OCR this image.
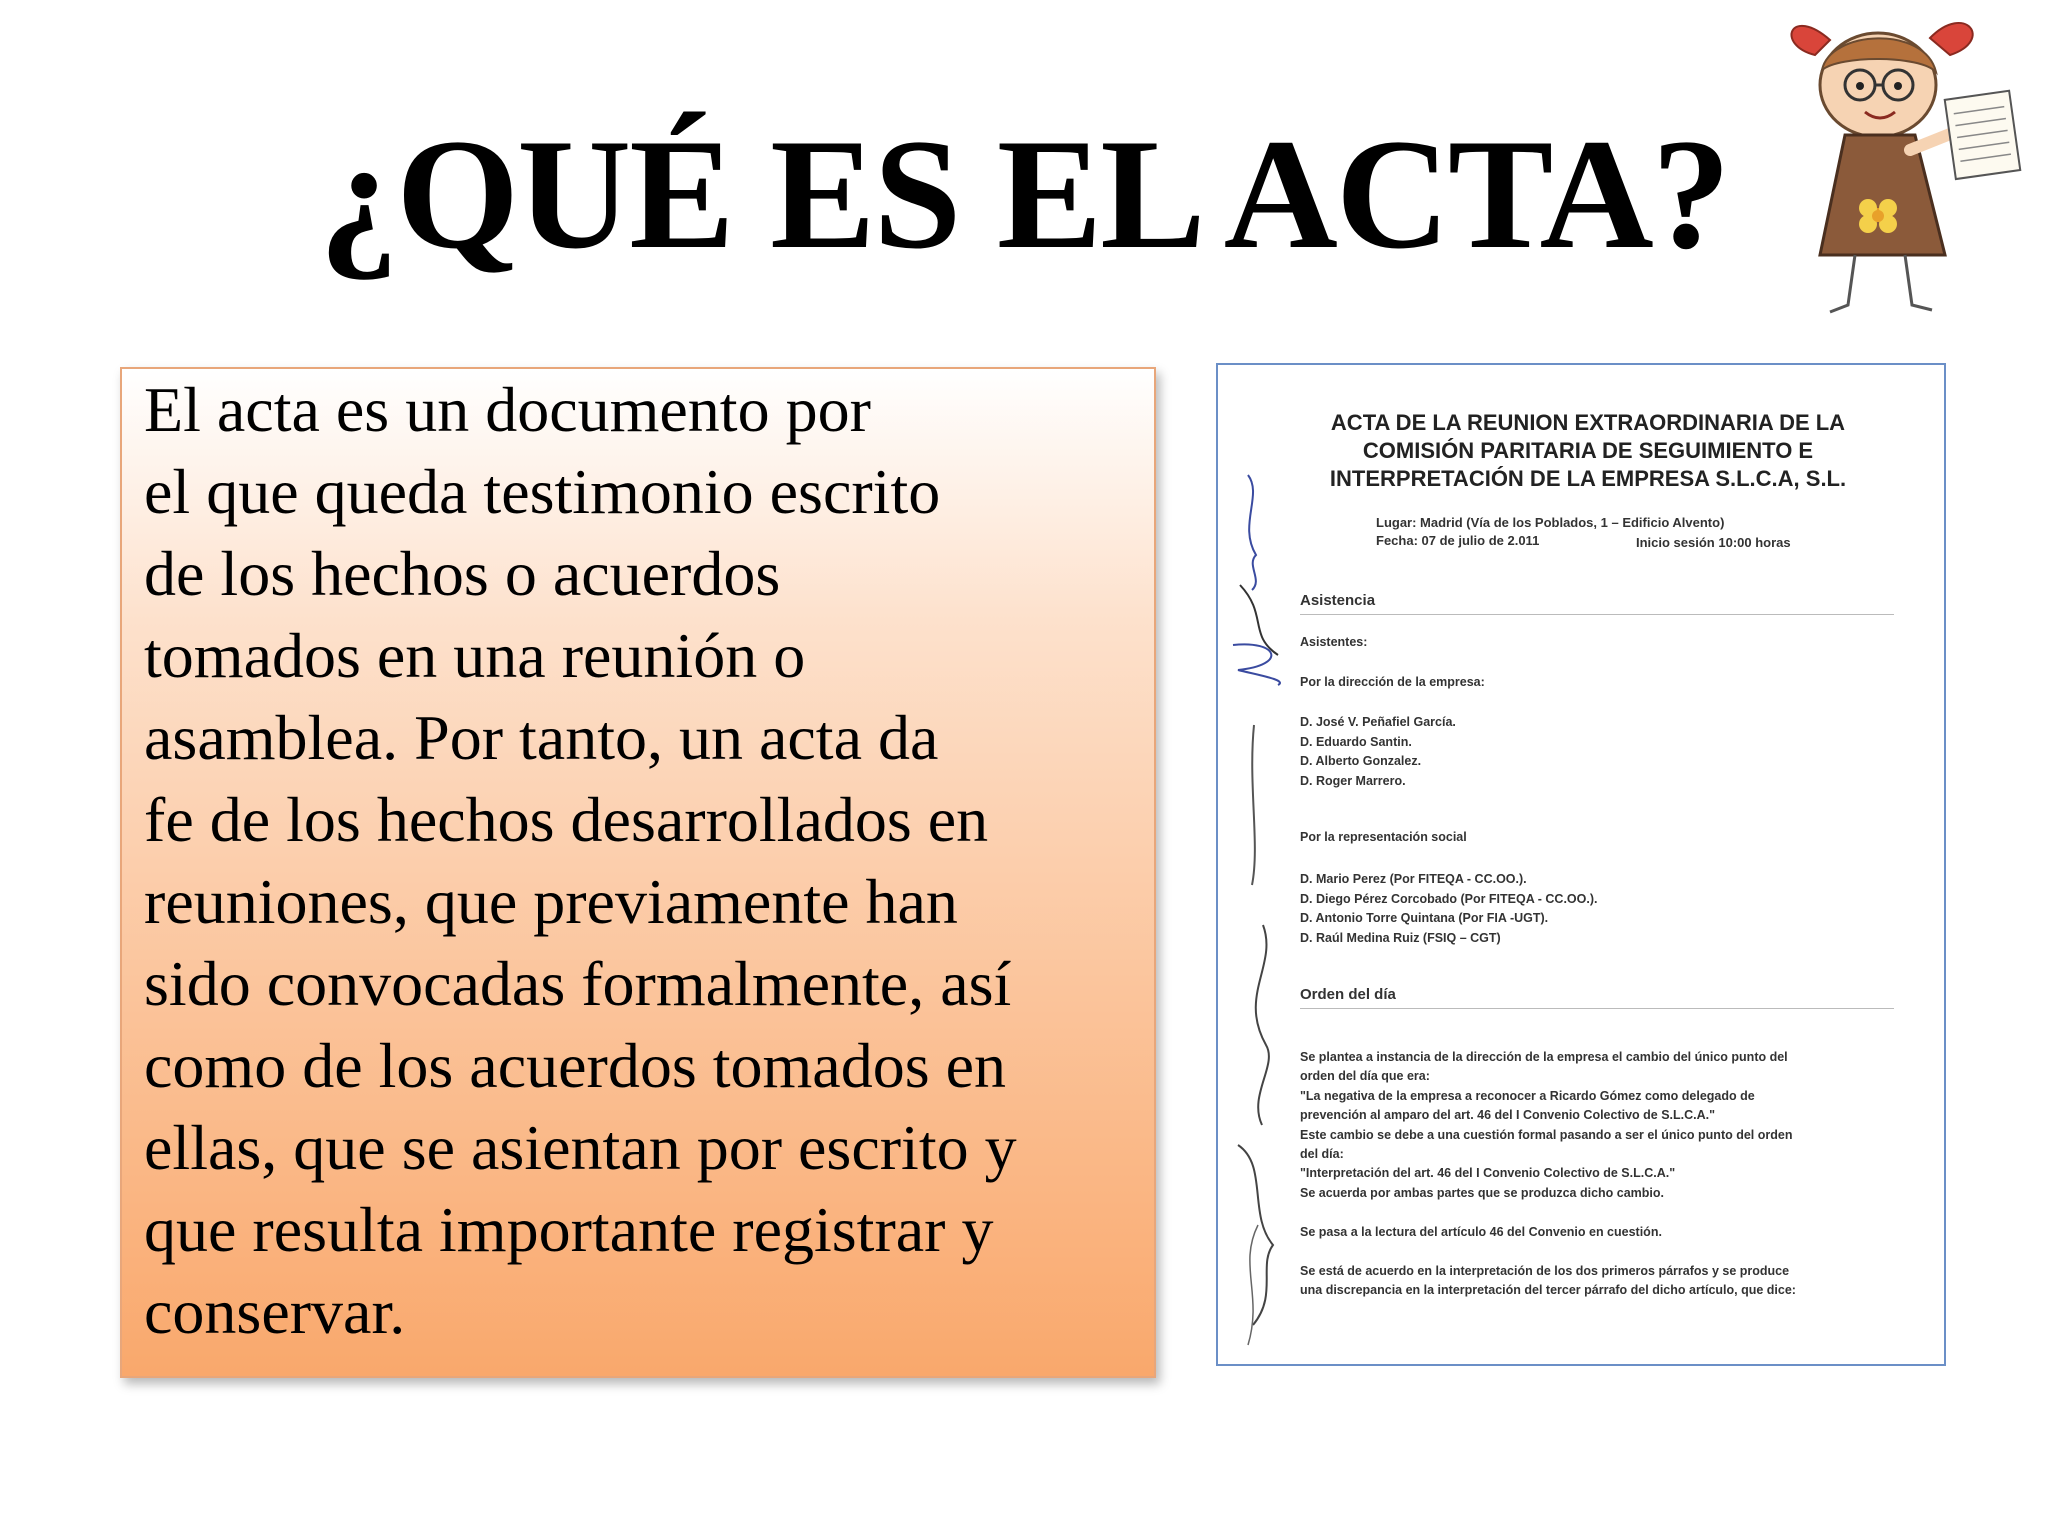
¿QUÉ ES EL ACTA?

El acta es un documento por
el que queda testimonio escrito
de los hechos o acuerdos
tomados en una reunión o
asamblea. Por tanto, un acta da
fe de los hechos desarrollados en
reuniones, que previamente han
sido convocadas formalmente, así
como de los acuerdos tomados en
ellas, que se asientan por escrito y
que resulta importante registrar y
conservar.

ACTA DE LA REUNION EXTRAORDINARIA DE LA
COMISIÓN PARITARIA DE SEGUIMIENTO E
INTERPRETACIÓN DE LA EMPRESA S.L.C.A, S.L.
Lugar: Madrid (Vía de los Poblados, 1 – Edificio Alvento)
Fecha: 07 de julio de 2.011	Inicio sesión 10:00 horas
Asistencia
Asistentes:
Por la dirección de la empresa:
D. José V. Peñafiel García.
D. Eduardo Santin.
D. Alberto Gonzalez.
D. Roger Marrero.
Por la representación social
D. Mario Perez (Por FITEQA - CC.OO.).
D. Diego Pérez Corcobado (Por FITEQA - CC.OO.).
D. Antonio Torre Quintana (Por FIA -UGT).
D. Raúl Medina Ruiz (FSIQ – CGT)
Orden del día
Se plantea a instancia de la dirección de la empresa el cambio del único punto del
orden del día que era:
"La negativa de la empresa a reconocer a Ricardo Gómez como delegado de
prevención al amparo del art. 46 del I Convenio Colectivo de S.L.C.A."
Este cambio se debe a una cuestión formal pasando a ser el único punto del orden
del día:
"Interpretación del art. 46 del I Convenio Colectivo de S.L.C.A."
Se acuerda por ambas partes que se produzca dicho cambio.
Se pasa a la lectura del artículo 46 del Convenio en cuestión.
Se está de acuerdo en la interpretación de los dos primeros párrafos y se produce
una discrepancia en la interpretación del tercer párrafo del dicho artículo, que dice:
